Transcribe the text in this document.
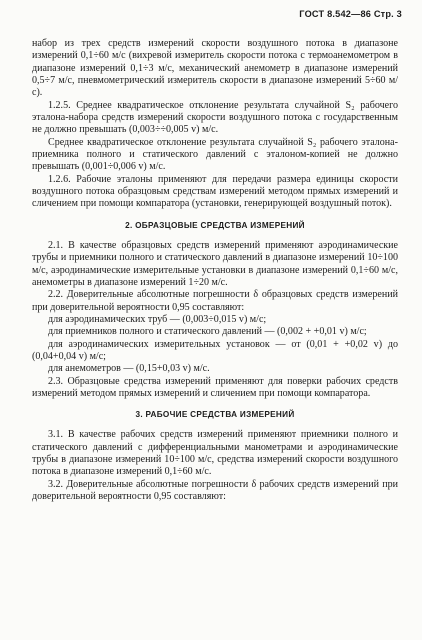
ГОСТ 8.542—86 Стр. 3

набор из трех средств измерений скорости воздушного потока в диапазоне измерений 0,1÷60 м/с (вихревой измеритель скорости потока с термоанемометром в диапазоне измерений 0,1÷3 м/с, механический анемометр в диапазоне измерений 0,5÷7 м/с, пневмометрический измеритель скорости в диапазоне измерений 5÷60 м/с).

1.2.5. Среднее квадратическое отклонение результата случайной S₂ рабочего эталона-набора средств измерений скорости воздушного потока с государственным не должно превышать (0,003÷÷0,005 v) м/с.

Среднее квадратическое отклонение результата случайной S₂ рабочего эталона-приемника полного и статического давлений с эталоном-копией не должно превышать (0,001÷0,006 v) м/с.

1.2.6. Рабочие эталоны применяют для передачи размера единицы скорости воздушного потока образцовым средствам измерений методом прямых измерений и сличением при помощи компаратора (установки, генерирующей воздушный поток).

2. ОБРАЗЦОВЫЕ СРЕДСТВА ИЗМЕРЕНИЙ

2.1. В качестве образцовых средств измерений применяют аэродинамические трубы и приемники полного и статического давлений в диапазоне измерений 10÷100 м/с, аэродинамические измерительные установки в диапазоне измерений 0,1÷60 м/с, анемометры в диапазоне измерений 1÷20 м/с.

2.2. Доверительные абсолютные погрешности δ образцовых средств измерений при доверительной вероятности 0,95 составляют:

для аэродинамических труб — (0,003÷0,015 v) м/с;

для приемников полного и статического давлений — (0,002 + +0,01 v) м/с;

для аэродинамических измерительных установок — от (0,01 + +0,02 v) до (0,04+0,04 v) м/с;

для анемометров — (0,15+0,03 v) м/с.

2.3. Образцовые средства измерений применяют для поверки рабочих средств измерений методом прямых измерений и сличением при помощи компаратора.

3. РАБОЧИЕ СРЕДСТВА ИЗМЕРЕНИЙ

3.1. В качестве рабочих средств измерений применяют приемники полного и статического давлений с дифференциальными манометрами и аэродинамические трубы в диапазоне измерений 10÷100 м/с, средства измерений скорости воздушного потока в диапазоне измерений 0,1÷60 м/с.

3.2. Доверительные абсолютные погрешности δ рабочих средств измерений при доверительной вероятности 0,95 составляют:
